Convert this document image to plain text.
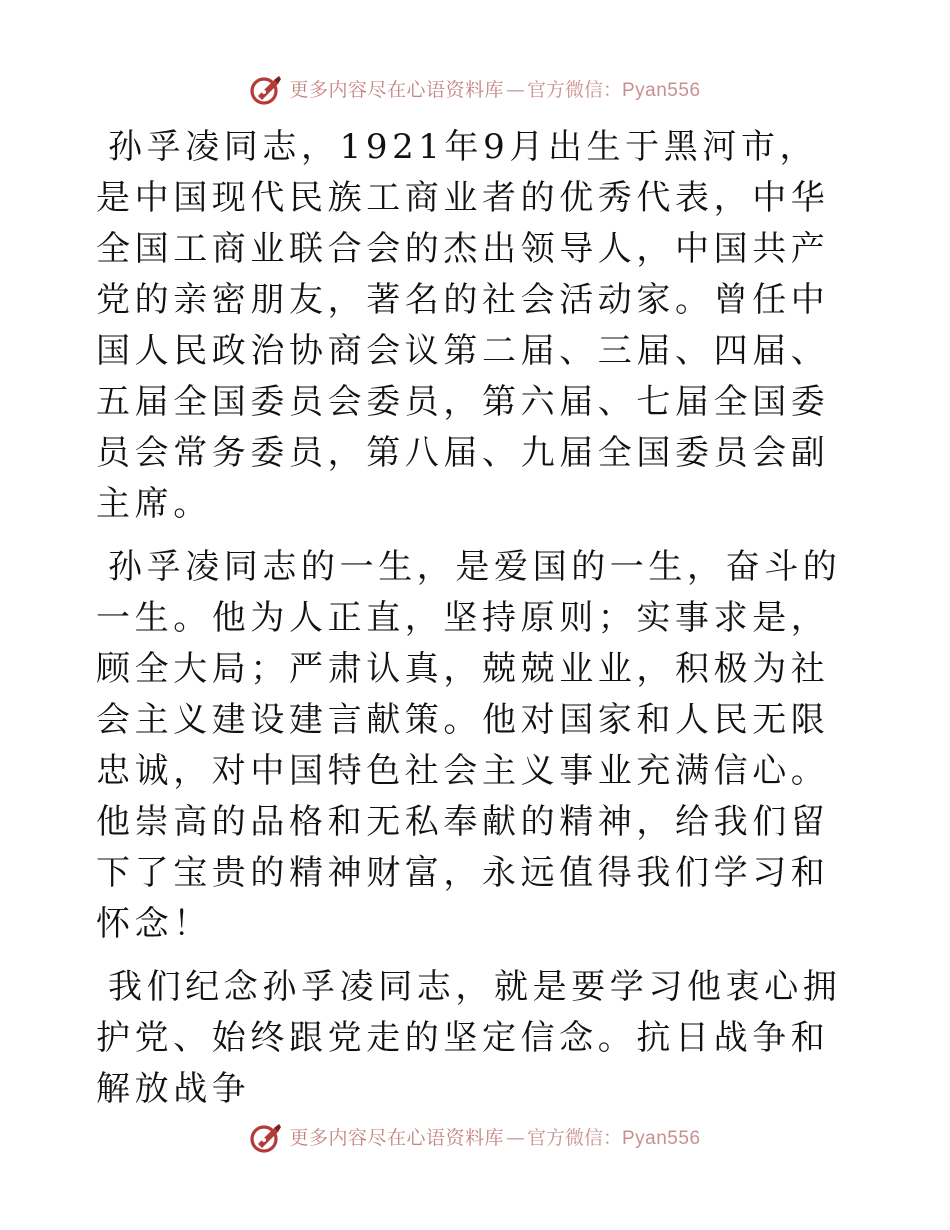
更多内容尽在心语资料库 — 官方微信：Pyan556

孙孚凌同志，1921年9月出生于黑河市，是中国现代民族工商业者的优秀代表，中华全国工商业联合会的杰出领导人，中国共产党的亲密朋友，著名的社会活动家。曾任中国人民政治协商会议第二届、三届、四届、五届全国委员会委员，第六届、七届全国委员会常务委员，第八届、九届全国委员会副主席。

孙孚凌同志的一生，是爱国的一生，奋斗的一生。他为人正直，坚持原则；实事求是，顾全大局；严肃认真，兢兢业业，积极为社会主义建设建言献策。他对国家和人民无限忠诚，对中国特色社会主义事业充满信心。他崇高的品格和无私奉献的精神，给我们留下了宝贵的精神财富，永远值得我们学习和怀念！

我们纪念孙孚凌同志，就是要学习他衷心拥护党、始终跟党走的坚定信念。抗日战争和解放战争

更多内容尽在心语资料库 — 官方微信：Pyan556
